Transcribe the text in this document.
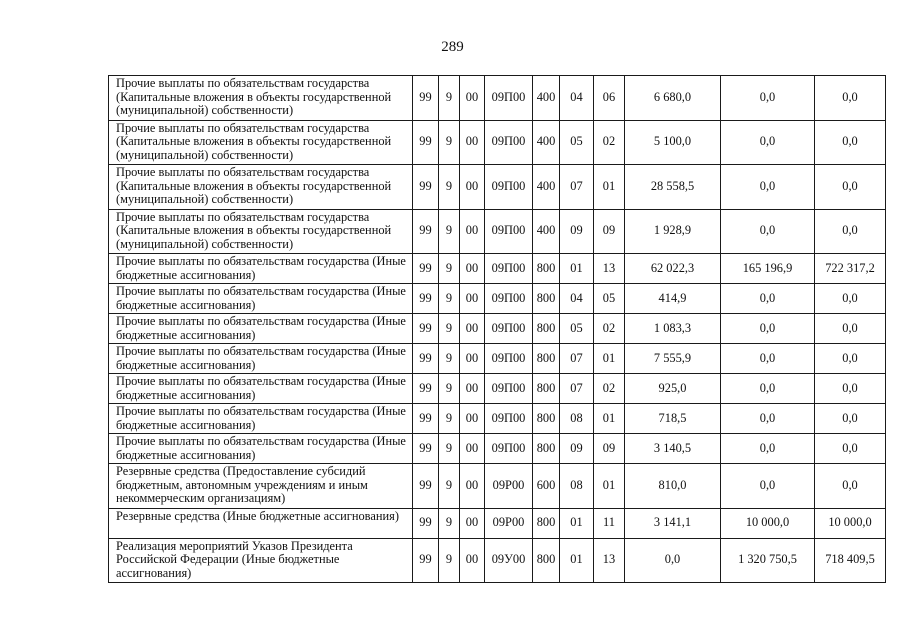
289
Прочие выплаты по обязательствам государства (Капитальные вложения в объекты государственной (муниципальной) собственности)	99	9	00	09П00	400	04	06	6 680,0	0,0	0,0
Прочие выплаты по обязательствам государства (Капитальные вложения в объекты государственной (муниципальной) собственности)	99	9	00	09П00	400	05	02	5 100,0	0,0	0,0
Прочие выплаты по обязательствам государства (Капитальные вложения в объекты государственной (муниципальной) собственности)	99	9	00	09П00	400	07	01	28 558,5	0,0	0,0
Прочие выплаты по обязательствам государства (Капитальные вложения в объекты государственной (муниципальной) собственности)	99	9	00	09П00	400	09	09	1 928,9	0,0	0,0
Прочие выплаты по обязательствам государства (Иные бюджетные ассигнования)	99	9	00	09П00	800	01	13	62 022,3	165 196,9	722 317,2
Прочие выплаты по обязательствам государства (Иные бюджетные ассигнования)	99	9	00	09П00	800	04	05	414,9	0,0	0,0
Прочие выплаты по обязательствам государства (Иные бюджетные ассигнования)	99	9	00	09П00	800	05	02	1 083,3	0,0	0,0
Прочие выплаты по обязательствам государства (Иные бюджетные ассигнования)	99	9	00	09П00	800	07	01	7 555,9	0,0	0,0
Прочие выплаты по обязательствам государства (Иные бюджетные ассигнования)	99	9	00	09П00	800	07	02	925,0	0,0	0,0
Прочие выплаты по обязательствам государства (Иные бюджетные ассигнования)	99	9	00	09П00	800	08	01	718,5	0,0	0,0
Прочие выплаты по обязательствам государства (Иные бюджетные ассигнования)	99	9	00	09П00	800	09	09	3 140,5	0,0	0,0
Резервные средства (Предоставление субсидий бюджетным, автономным учреждениям и иным некоммерческим организациям)	99	9	00	09Р00	600	08	01	810,0	0,0	0,0
Резервные средства (Иные бюджетные ассигнования)	99	9	00	09Р00	800	01	11	3 141,1	10 000,0	10 000,0
Реализация мероприятий Указов Президента Российской Федерации (Иные бюджетные ассигнования)	99	9	00	09У00	800	01	13	0,0	1 320 750,5	718 409,5
